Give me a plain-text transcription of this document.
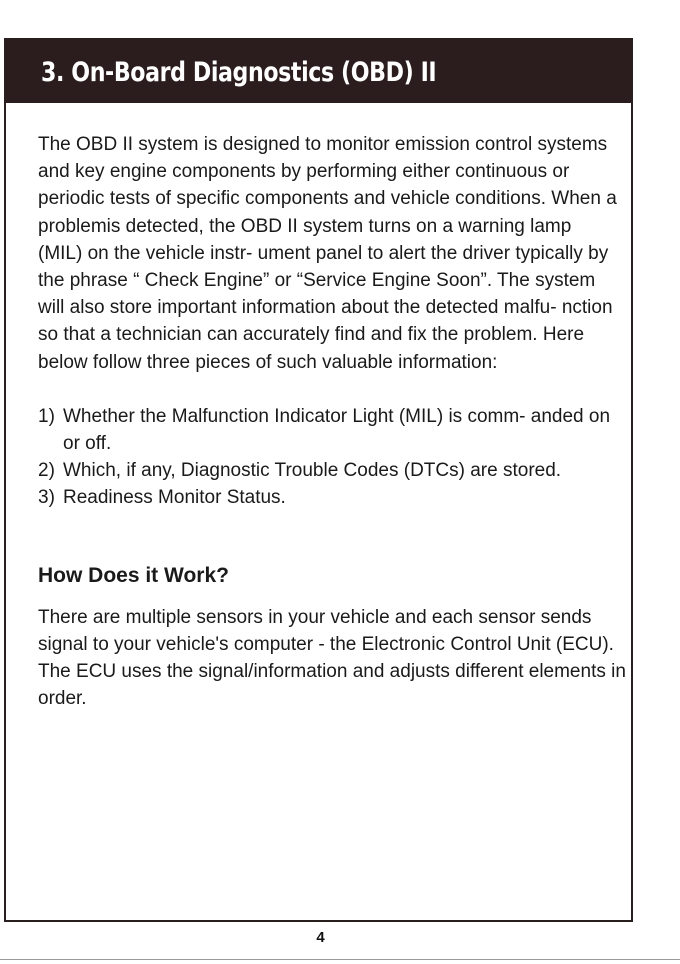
3. On-Board Diagnostics (OBD) II

The OBD II system is designed to monitor emission control systems and key engine components by performing either continuous or periodic tests of specific components and vehicle conditions. When a problemis detected, the OBD II system turns on a warning lamp (MIL) on the vehicle instr- ument panel to alert the driver typically by the phrase “ Check Engine” or “Service Engine Soon”. The system will also store important information about the detected malfu- nction so that a technician can accurately find and fix the problem. Here below follow three pieces of such valuable information:

1) Whether the Malfunction Indicator Light (MIL) is comm- anded on or off.
2) Which, if any, Diagnostic Trouble Codes (DTCs) are stored.
3) Readiness Monitor Status.
How Does it Work?

There are multiple sensors in your vehicle and each sensor sends signal to your vehicle's computer - the Electronic Control Unit (ECU). The ECU uses the signal/information and adjusts different elements in order.

4
